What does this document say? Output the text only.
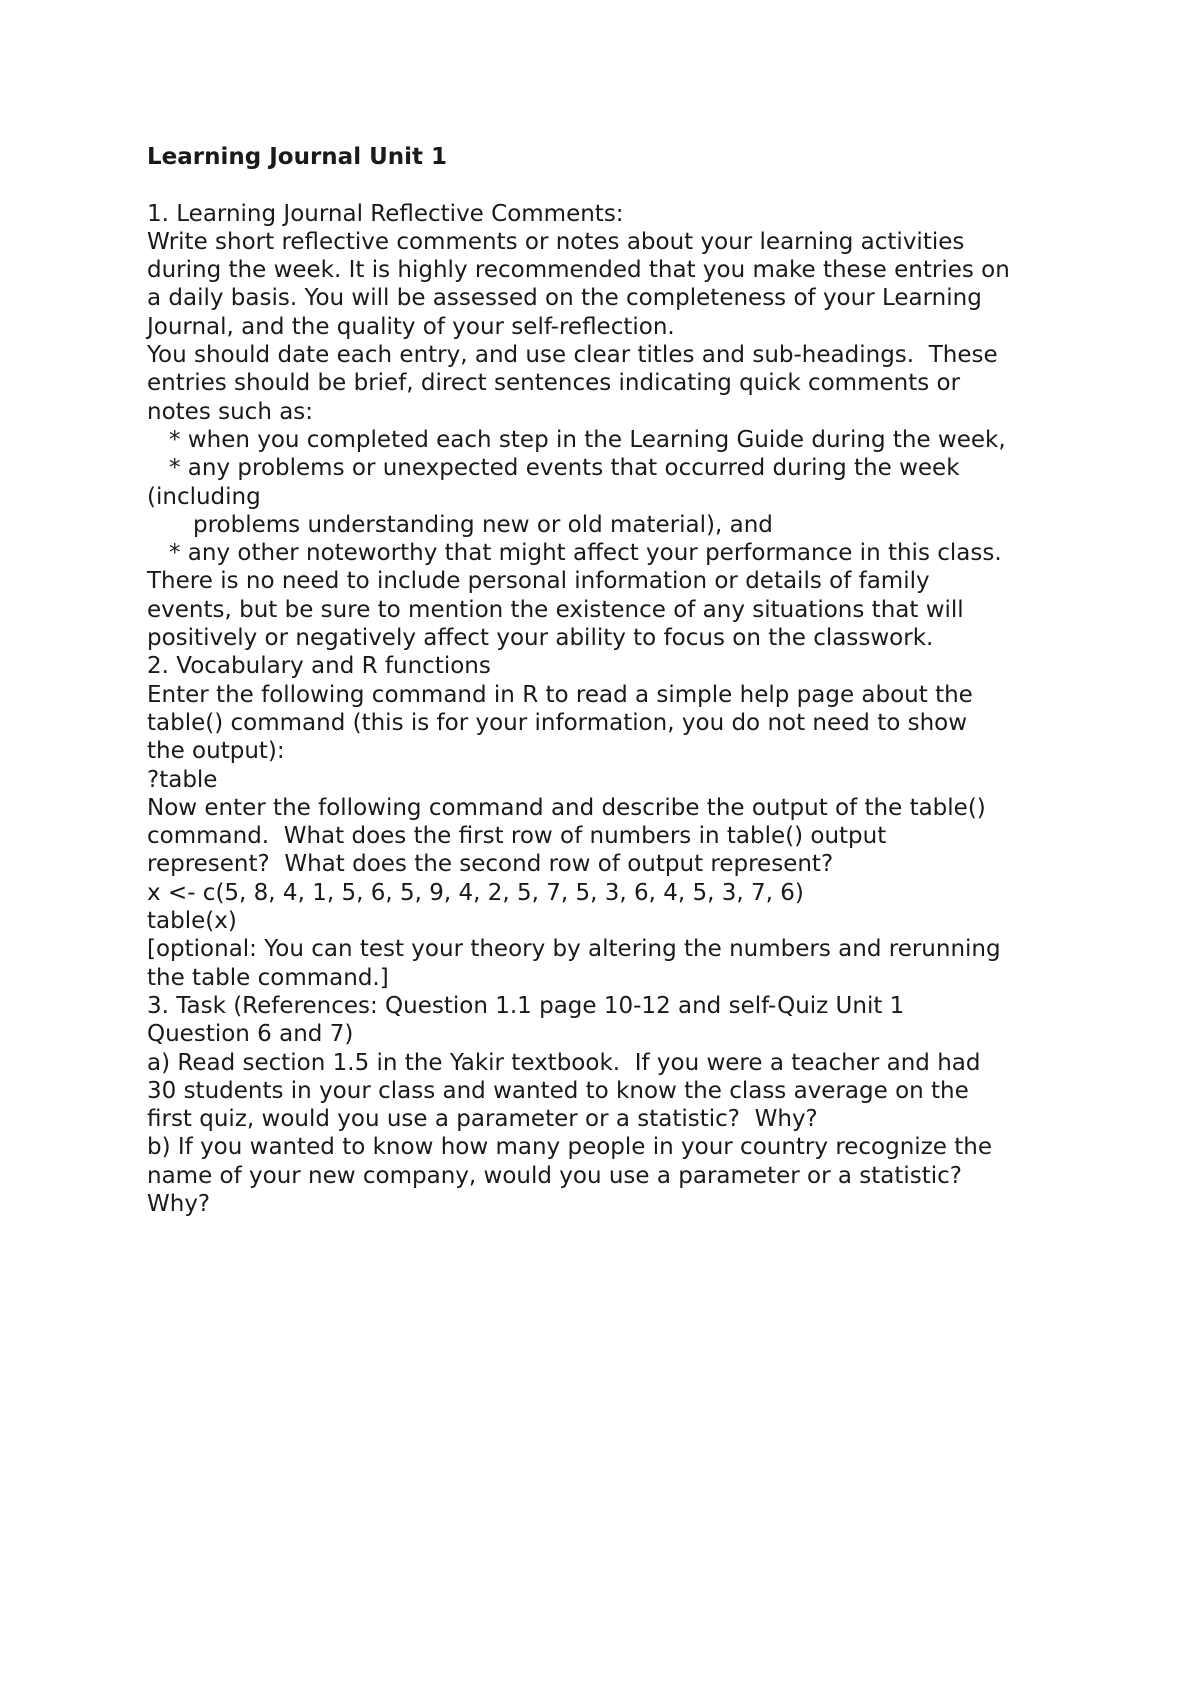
Learning Journal Unit 1

1. Learning Journal Reflective Comments:

Write short reflective comments or notes about your learning activities

during the week. It is highly recommended that you make these entries on

a daily basis. You will be assessed on the completeness of your Learning

Journal, and the quality of your self-reflection.

You should date each entry, and use clear titles and sub-headings.  These

entries should be brief, direct sentences indicating quick comments or

notes such as:

* when you completed each step in the Learning Guide during the week,

* any problems or unexpected events that occurred during the week

(including

problems understanding new or old material), and

* any other noteworthy that might affect your performance in this class.

There is no need to include personal information or details of family

events, but be sure to mention the existence of any situations that will

positively or negatively affect your ability to focus on the classwork.

2. Vocabulary and R functions

Enter the following command in R to read a simple help page about the

table() command (this is for your information, you do not need to show

the output):

?table

Now enter the following command and describe the output of the table()

command.  What does the first row of numbers in table() output

represent?  What does the second row of output represent?

x <- c(5, 8, 4, 1, 5, 6, 5, 9, 4, 2, 5, 7, 5, 3, 6, 4, 5, 3, 7, 6)

table(x)

[optional: You can test your theory by altering the numbers and rerunning

the table command.]

3. Task (References: Question 1.1 page 10-12 and self-Quiz Unit 1

Question 6 and 7)

a) Read section 1.5 in the Yakir textbook.  If you were a teacher and had

30 students in your class and wanted to know the class average on the

first quiz, would you use a parameter or a statistic?  Why?

b) If you wanted to know how many people in your country recognize the

name of your new company, would you use a parameter or a statistic?

Why?
